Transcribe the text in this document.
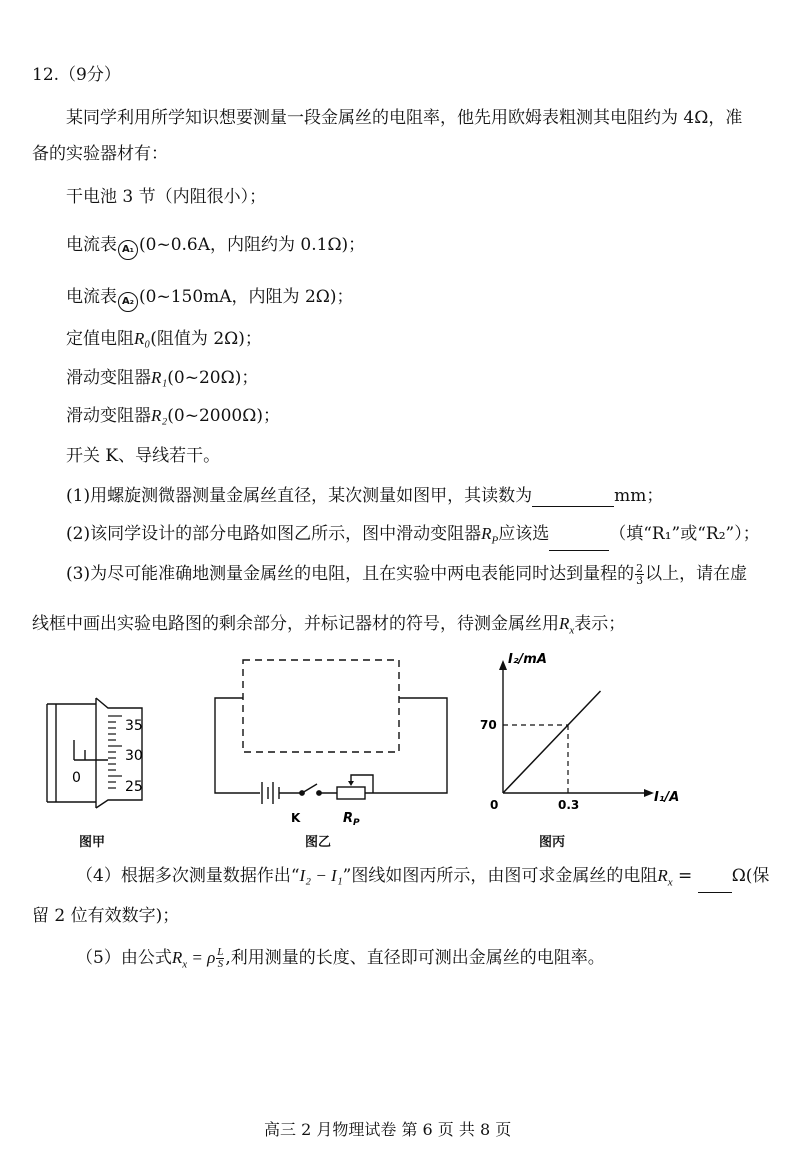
12.（9分）
某同学利用所学知识想要测量一段金属丝的电阻率，他先用欧姆表粗测其电阻约为 4Ω，准
备的实验器材有：
干电池 3 节（内阻很小）；
电流表 A₁ (0~0.6A，内阻约为 0.1Ω)；
电流表 A₂ (0~150mA，内阻为 2Ω)；
定值电阻R₀(阻值为 2Ω)；
滑动变阻器R₁(0~20Ω)；
滑动变阻器R₂(0~2000Ω)；
开关 K、导线若干。
(1)用螺旋测微器测量金属丝直径，某次测量如图甲，其读数为	mm；
(2)该同学设计的部分电路如图乙所示，图中滑动变阻器$R_P$应该选	（填“R₁”或“R₂”）；
(3)为尽可能准确地测量金属丝的电阻，且在实验中两电表能同时达到量程的 $\frac{2}{3}$ 以上，请在虚
线框中画出实验电路图的剩余部分，并标记器材的符号，待测金属丝用$R_x$表示；
35
30
25
0
图甲
K	$R_P$
图乙
I₂/mA
I₁/A
0
70
0.3
图丙
（4）根据多次测量数据作出“I₂ − I₁”图线如图丙所示，由图可求金属丝的电阻$R_x = \Omega$(保
留 2 位有效数字)；
（5）由公式$R_x = \rho \frac{L}{S}$ ,利用测量的长度、直径即可测出金属丝的电阻率。
高三 2 月物理试卷 第 6 页 共 8 页
